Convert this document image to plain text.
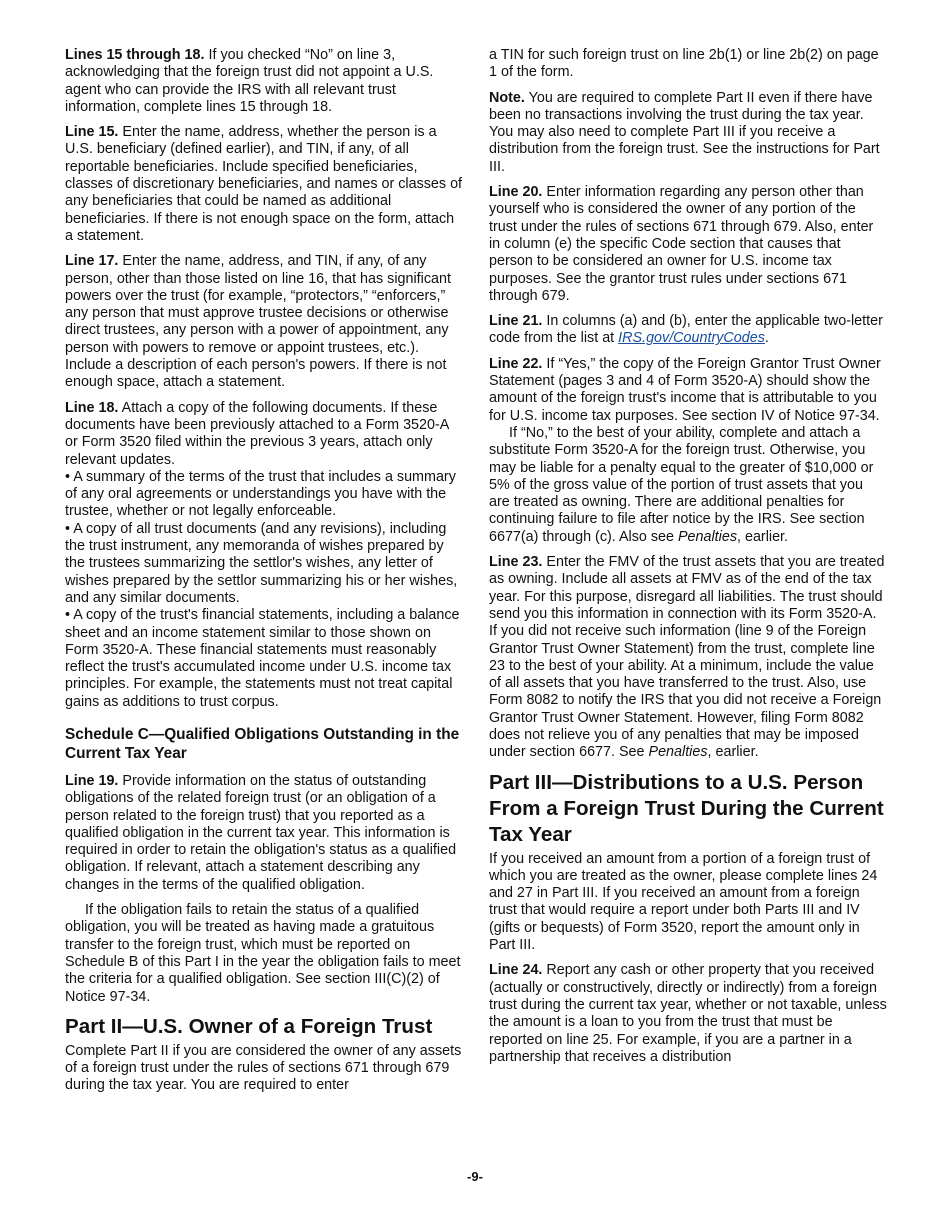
Lines 15 through 18. If you checked “No” on line 3, acknowledging that the foreign trust did not appoint a U.S. agent who can provide the IRS with all relevant trust information, complete lines 15 through 18.

Line 15. Enter the name, address, whether the person is a U.S. beneficiary (defined earlier), and TIN, if any, of all reportable beneficiaries. Include specified beneficiaries, classes of discretionary beneficiaries, and names or classes of any beneficiaries that could be named as additional beneficiaries. If there is not enough space on the form, attach a statement.

Line 17. Enter the name, address, and TIN, if any, of any person, other than those listed on line 16, that has significant powers over the trust (for example, “protectors,” “enforcers,” any person that must approve trustee decisions or otherwise direct trustees, any person with a power of appointment, any person with powers to remove or appoint trustees, etc.). Include a description of each person's powers. If there is not enough space, attach a statement.

Line 18. Attach a copy of the following documents. If these documents have been previously attached to a Form 3520-A or Form 3520 filed within the previous 3 years, attach only relevant updates.

• A summary of the terms of the trust that includes a summary of any oral agreements or understandings you have with the trustee, whether or not legally enforceable.

• A copy of all trust documents (and any revisions), including the trust instrument, any memoranda of wishes prepared by the trustees summarizing the settlor's wishes, any letter of wishes prepared by the settlor summarizing his or her wishes, and any similar documents.

• A copy of the trust's financial statements, including a balance sheet and an income statement similar to those shown on Form 3520-A. These financial statements must reasonably reflect the trust's accumulated income under U.S. income tax principles. For example, the statements must not treat capital gains as additions to trust corpus.

Schedule C—Qualified Obligations Outstanding in the Current Tax Year

Line 19. Provide information on the status of outstanding obligations of the related foreign trust (or an obligation of a person related to the foreign trust) that you reported as a qualified obligation in the current tax year. This information is required in order to retain the obligation's status as a qualified obligation. If relevant, attach a statement describing any changes in the terms of the qualified obligation.

If the obligation fails to retain the status of a qualified obligation, you will be treated as having made a gratuitous transfer to the foreign trust, which must be reported on Schedule B of this Part I in the year the obligation fails to meet the criteria for a qualified obligation. See section III(C)(2) of Notice 97-34.

Part II—U.S. Owner of a Foreign Trust

Complete Part II if you are considered the owner of any assets of a foreign trust under the rules of sections 671 through 679 during the tax year. You are required to enter

a TIN for such foreign trust on line 2b(1) or line 2b(2) on page 1 of the form.

Note. You are required to complete Part II even if there have been no transactions involving the trust during the tax year. You may also need to complete Part III if you receive a distribution from the foreign trust. See the instructions for Part III.

Line 20. Enter information regarding any person other than yourself who is considered the owner of any portion of the trust under the rules of sections 671 through 679. Also, enter in column (e) the specific Code section that causes that person to be considered an owner for U.S. income tax purposes. See the grantor trust rules under sections 671 through 679.

Line 21. In columns (a) and (b), enter the applicable two-letter code from the list at IRS.gov/CountryCodes.

Line 22. If “Yes,” the copy of the Foreign Grantor Trust Owner Statement (pages 3 and 4 of Form 3520-A) should show the amount of the foreign trust's income that is attributable to you for U.S. income tax purposes. See section IV of Notice 97-34.

If “No,” to the best of your ability, complete and attach a substitute Form 3520-A for the foreign trust. Otherwise, you may be liable for a penalty equal to the greater of $10,000 or 5% of the gross value of the portion of trust assets that you are treated as owning. There are additional penalties for continuing failure to file after notice by the IRS. See section 6677(a) through (c). Also see Penalties, earlier.

Line 23. Enter the FMV of the trust assets that you are treated as owning. Include all assets at FMV as of the end of the tax year. For this purpose, disregard all liabilities. The trust should send you this information in connection with its Form 3520-A. If you did not receive such information (line 9 of the Foreign Grantor Trust Owner Statement) from the trust, complete line 23 to the best of your ability. At a minimum, include the value of all assets that you have transferred to the trust. Also, use Form 8082 to notify the IRS that you did not receive a Foreign Grantor Trust Owner Statement. However, filing Form 8082 does not relieve you of any penalties that may be imposed under section 6677. See Penalties, earlier.

Part III—Distributions to a U.S. Person From a Foreign Trust During the Current Tax Year

If you received an amount from a portion of a foreign trust of which you are treated as the owner, please complete lines 24 and 27 in Part III. If you received an amount from a foreign trust that would require a report under both Parts III and IV (gifts or bequests) of Form 3520, report the amount only in Part III.

Line 24. Report any cash or other property that you received (actually or constructively, directly or indirectly) from a foreign trust during the current tax year, whether or not taxable, unless the amount is a loan to you from the trust that must be reported on line 25. For example, if you are a partner in a partnership that receives a distribution

-9-
